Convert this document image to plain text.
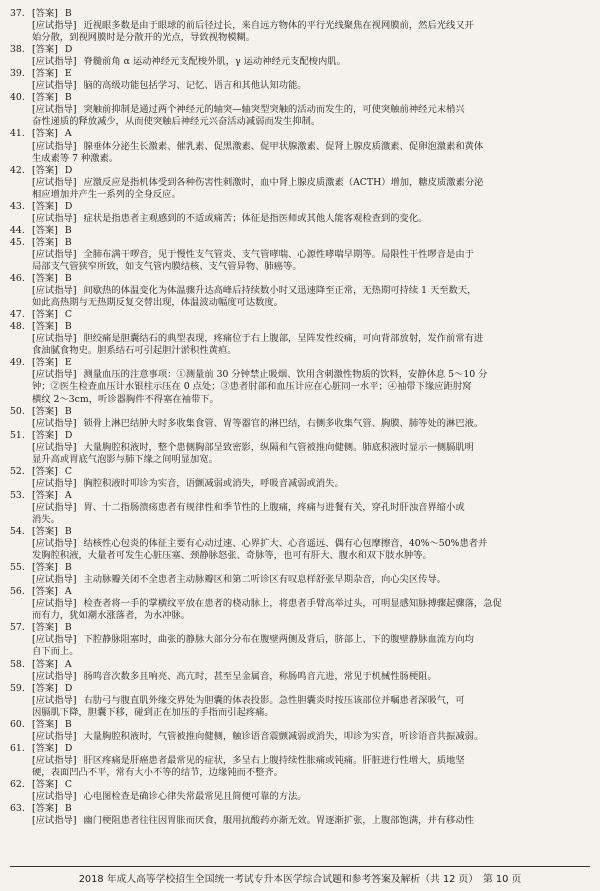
37. [答案] B
[应试指导] 近视眼多数是由于眼球的前后径过长，来自远方物体的平行光线聚焦在视网膜前，然后光线又开
始分散，到视网膜时是分散开的光点，导致视物模糊。
38. [答案] D
[应试指导] 脊髓前角 α 运动神经元支配梭外肌，γ 运动神经元支配梭内肌。
39. [答案] E
[应试指导] 脑的高级功能包括学习、记忆、语言和其他认知功能。
40. [答案] B
[应试指导] 突触前抑制是通过两个神经元的轴突—轴突型突触的活动而发生的，可使突触前神经元末梢兴
奋性递质的释放减少，从而使突触后神经元兴奋活动减弱而发生抑制。
41. [答案] A
[应试指导] 腺垂体分泌生长激素、催乳素、促黑激素、促甲状腺激素、促肾上腺皮质激素、促卵泡激素和黄体
生成素等 7 种激素。
42. [答案] D
[应试指导] 应激反应是指机体受到各种伤害性刺激时，血中肾上腺皮质激素（ACTH）增加，糖皮质激素分泌
相应增加并产生一系列的全身反应。
43. [答案] D
[应试指导] 症状是指患者主观感到的不适或痛苦；体征是指医师或其他人能客观检查到的变化。
44. [答案] B
45. [答案] B
[应试指导] 全肺布满干啰音，见于慢性支气管炎、支气管哮喘、心源性哮喘早期等。局限性干性啰音是由于
局部支气管狭窄所致，如支气管内膜结核、支气管异物、肺癌等。
46. [答案] B
[应试指导] 间歇热的体温变化为体温骤升达高峰后持续数小时又迅速降至正常，无热期可持续 1 天至数天，
如此高热期与无热期反复交替出现，体温波动幅度可达数度。
47. [答案] C
48. [答案] B
[应试指导] 胆绞痛是胆囊结石的典型表现，疼痛位于右上腹部，呈阵发性绞痛，可向背部放射，发作前常有进
食油腻食物史。胆系结石可引起胆汁淤积性黄疸。
49. [答案] E
[应试指导] 测量血压的注意事项：①测量前 30 分钟禁止吸烟、饮用含刺激性物质的饮料，安静休息 5～10 分
钟；②医生检查血压计水银柱示压在 0 点处；③患者肘部和血压计应在心脏同一水平；④袖带下缘应距肘窝
横纹 2～3cm，听诊器胸件不得塞在袖带下。
50. [答案] B
[应试指导] 锁骨上淋巴结肿大时多收集食管、胃等器官的淋巴结，右侧多收集气管、胸膜、肺等处的淋巴液。
51. [答案] D
[应试指导] 大量胸腔积液时，整个患侧胸部呈致密影，纵隔和气管被推向健侧。肺底积液时显示一侧膈肌明
显升高或胃底气泡影与肺下缘之间明显加宽。
52. [答案] C
[应试指导] 胸腔积液时叩诊为实音，语颤减弱或消失，呼吸音减弱或消失。
53. [答案] A
[应试指导] 胃、十二指肠溃疡患者有规律性和季节性的上腹痛，疼痛与进餐有关，穿孔时肝浊音界缩小或
消失。
54. [答案] B
[应试指导] 结核性心包炎的体征主要有心动过速、心界扩大、心音遥远、偶有心包摩擦音，40%～50%患者并
发胸腔积液，大量者可发生心脏压塞、颈静脉怒张、奇脉等，也可有肝大、腹水和双下肢水肿等。
55. [答案] B
[应试指导] 主动脉瓣关闭不全患者主动脉瓣区和第二听诊区有叹息样舒张早期杂音，向心尖区传导。
56. [答案] A
[应试指导] 检查者将一手的掌横纹平放在患者的桡动脉上，将患者手臂高举过头，可明显感知脉搏骤起骤落，急促
而有力，犹如潮水涨落者，为水冲脉。
57. [答案] B
[应试指导] 下腔静脉阻塞时，曲张的静脉大部分分布在腹壁两侧及背后，脐部上、下的腹壁静脉血流方向均
自下而上。
58. [答案] A
[应试指导] 肠鸣音次数多且响亮、高亢时，甚至呈金属音，称肠鸣音亢进，常见于机械性肠梗阻。
59. [答案] D
[应试指导] 右肋弓与腹直肌外缘交界处为胆囊的体表投影。急性胆囊炎时按压该部位并嘱患者深吸气，可
因膈肌下降，胆囊下移，碰到正在加压的手指而引起疼痛。
60. [答案] B
[应试指导] 大量胸腔积液时，气管被推向健侧，触诊语音震颤减弱或消失，叩诊为实音，听诊语音共振减弱。
61. [答案] D
[应试指导] 肝区疼痛是肝癌患者最常见的症状，多呈右上腹持续性胀痛或钝痛。肝脏进行性增大，质地坚
硬，表面凹凸不平，常有大小不等的结节，边缘钝而不整齐。
62. [答案] C
[应试指导] 心电图检查是确诊心律失常最常见且简便可靠的方法。
63. [答案] B
[应试指导] 幽门梗阻患者往往因胃胀而厌食，服用抗酸药亦渐无效。胃逐渐扩张，上腹部饱满，并有移动性
2018 年成人高等学校招生全国统一考试专升本医学综合试题和参考答案及解析（共 12 页）　第 10 页
